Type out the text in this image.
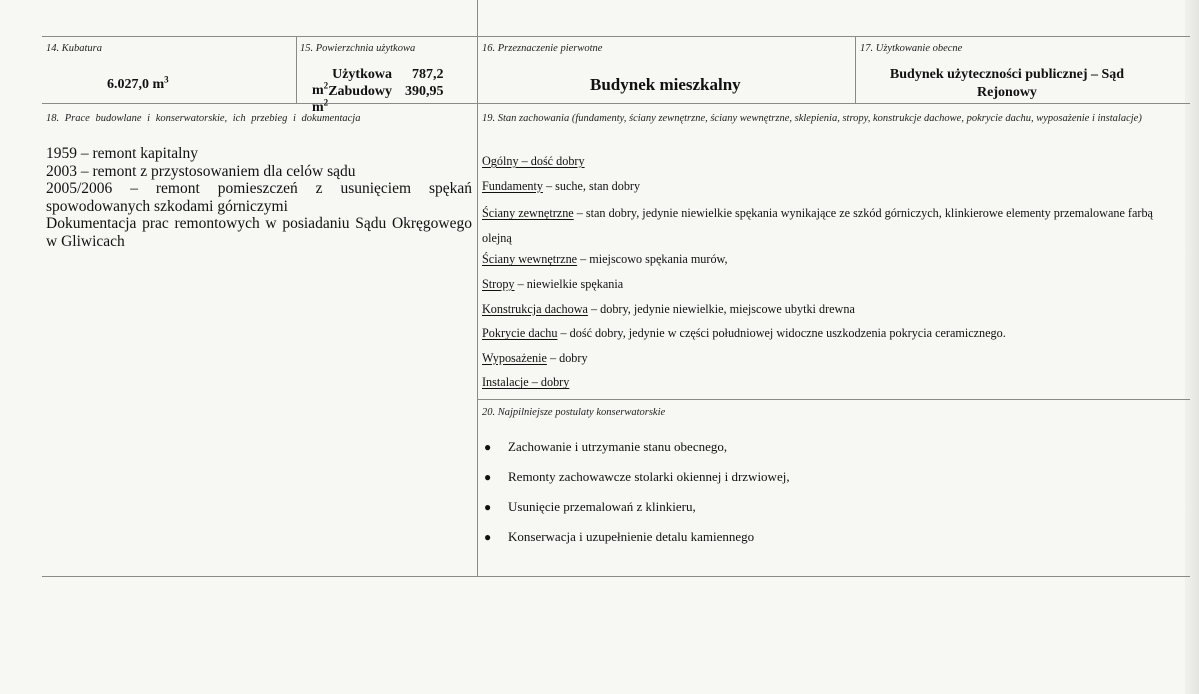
14. Kubatura
6.027,0 $m^3$
15. Powierzchnia użytkowa
Użytkowa 787,2 $m^2$ Zabudowy 390,95 $m^2$
16. Przeznaczenie pierwotne
Budynek mieszkalny
17. Użytkowanie obecne
Budynek użyteczności publicznej – Sąd
Rejonowy
18. Prace budowlane i konserwatorskie, ich przebieg i dokumentacja
1959 – remont kapitalny
2003 – remont z przystosowaniem dla celów sądu
2005/2006 – remont pomieszczeń z usunięciem spękań spowodowanych szkodami górniczymi
Dokumentacja prac remontowych w posiadaniu Sądu Okręgowego w Gliwicach
19. Stan zachowania (fundamenty, ściany zewnętrzne, ściany wewnętrzne, sklepienia, stropy, konstrukcje dachowe, pokrycie dachu, wyposażenie i instalacje)
Ogólny – dość dobry
Fundamenty – suche, stan dobry
Ściany zewnętrzne – stan dobry, jedynie niewielkie spękania wynikające ze szkód górniczych, klinkierowe elementy przemalowane farbą olejną
Ściany wewnętrzne – miejscowo spękania murów,
Stropy – niewielkie spękania
Konstrukcja dachowa – dobry, jedynie niewielkie, miejscowe ubytki drewna
Pokrycie dachu – dość dobry, jedynie w części południowej widoczne uszkodzenia pokrycia ceramicznego.
Wyposażenie – dobry
Instalacje – dobry
20. Najpilniejsze postulaty konserwatorskie
●	Zachowanie i utrzymanie stanu obecnego,
●	Remonty zachowawcze stolarki okiennej i drzwiowej,
●	Usunięcie przemalowań z klinkieru,
●	Konserwacja i uzupełnienie detalu kamiennego
